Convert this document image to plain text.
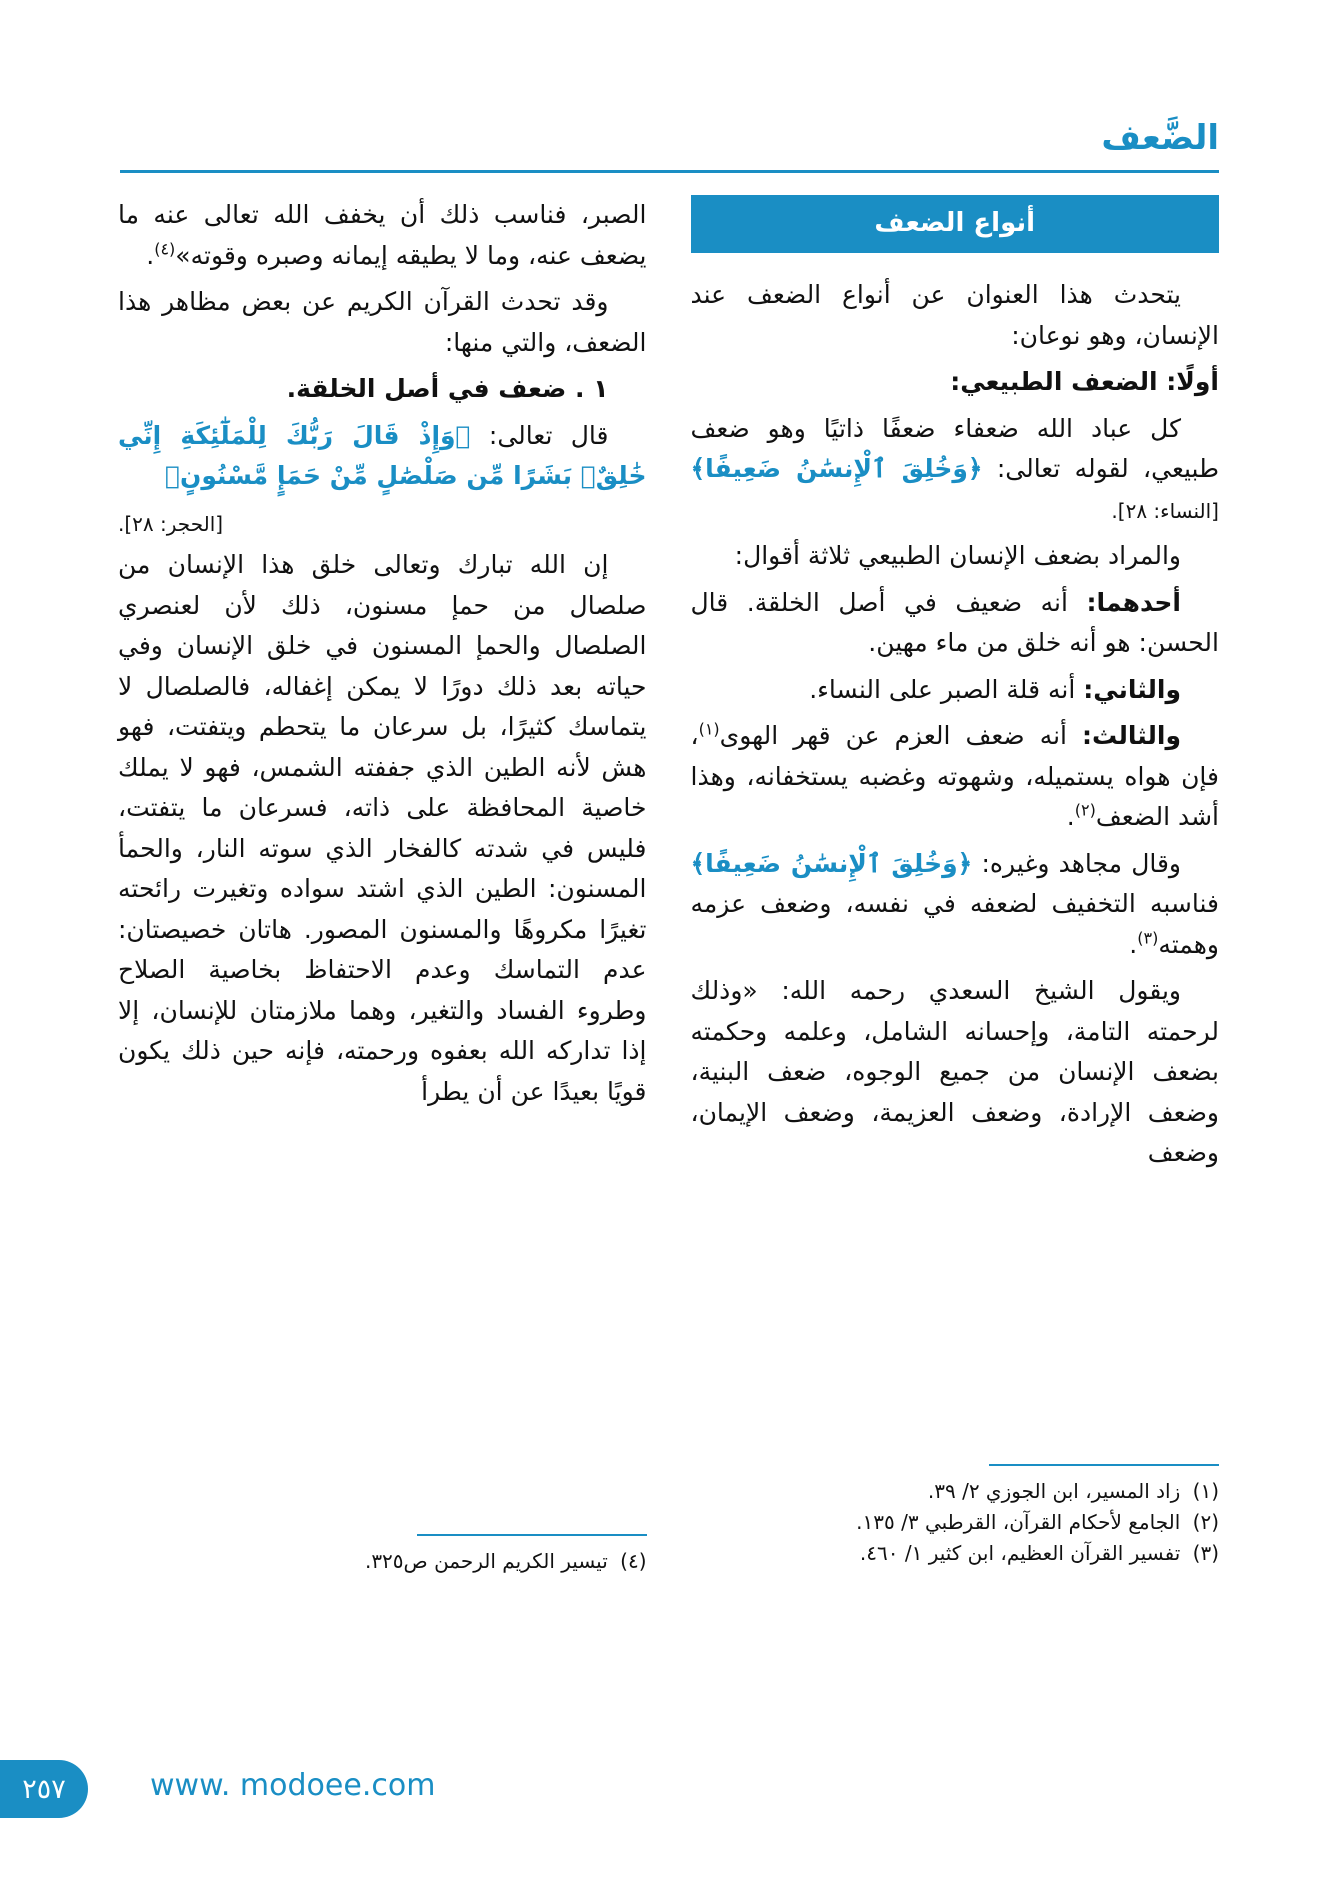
الضَّعف
أنواع الضعف

يتحدث هذا العنوان عن أنواع الضعف عند الإنسان، وهو نوعان:

أولًا: الضعف الطبيعي:

كل عباد الله ضعفاء ضعفًا ذاتيًا وهو ضعف طبيعي، لقوله تعالى: ﴿وَخُلِقَ ٱلْإِنسَٰنُ ضَعِيفًا﴾ [النساء: ٢٨].

والمراد بضعف الإنسان الطبيعي ثلاثة أقوال:

أحدهما: أنه ضعيف في أصل الخلقة. قال الحسن: هو أنه خلق من ماء مهين.

والثاني: أنه قلة الصبر على النساء.

والثالث: أنه ضعف العزم عن قهر الهوى$^{(١)}$، فإن هواه يستميله، وشهوته وغضبه يستخفانه، وهذا أشد الضعف$^{(٢)}$.

وقال مجاهد وغيره: ﴿وَخُلِقَ ٱلْإِنسَٰنُ ضَعِيفًا﴾ فناسبه التخفيف لضعفه في نفسه، وضعف عزمه وهمته$^{(٣)}$.

ويقول الشيخ السعدي رحمه الله: «وذلك لرحمته التامة، وإحسانه الشامل، وعلمه وحكمته بضعف الإنسان من جميع الوجوه، ضعف البنية، وضعف الإرادة، وضعف العزيمة، وضعف الإيمان، وضعف

(١) زاد المسير، ابن الجوزي ٢/ ٣٩.

(٢) الجامع لأحكام القرآن، القرطبي ٣/ ١٣٥.

(٣) تفسير القرآن العظيم، ابن كثير ١/ ٤٦٠.

الصبر، فناسب ذلك أن يخفف الله تعالى عنه ما يضعف عنه، وما لا يطيقه إيمانه وصبره وقوته»$^{(٤)}$.

وقد تحدث القرآن الكريم عن بعض مظاهر هذا الضعف، والتي منها:

١ . ضعف في أصل الخلقة.

قال تعالى: ﴿وَإِذْ قَالَ رَبُّكَ لِلْمَلَٰٓئِكَةِ إِنِّي خَٰلِقٌۢ بَشَرًا مِّن صَلْصَٰلٍ مِّنْ حَمَإٍ مَّسْنُونٍ﴾

[الحجر: ٢٨].

إن الله تبارك وتعالى خلق هذا الإنسان من صلصال من حمإ مسنون، ذلك لأن لعنصري الصلصال والحمإ المسنون في خلق الإنسان وفي حياته بعد ذلك دورًا لا يمكن إغفاله، فالصلصال لا يتماسك كثيرًا، بل سرعان ما يتحطم ويتفتت، فهو هش لأنه الطين الذي جففته الشمس، فهو لا يملك خاصية المحافظة على ذاته، فسرعان ما يتفتت، فليس في شدته كالفخار الذي سوته النار، والحمأ المسنون: الطين الذي اشتد سواده وتغيرت رائحته تغيرًا مكروهًا والمسنون المصور. هاتان خصيصتان: عدم التماسك وعدم الاحتفاظ بخاصية الصلاح وطروء الفساد والتغير، وهما ملازمتان للإنسان، إلا إذا تداركه الله بعفوه ورحمته، فإنه حين ذلك يكون قويًا بعيدًا عن أن يطرأ

(٤) تيسير الكريم الرحمن ص٣٢٥.

٢٥٧	www. modoee.com
